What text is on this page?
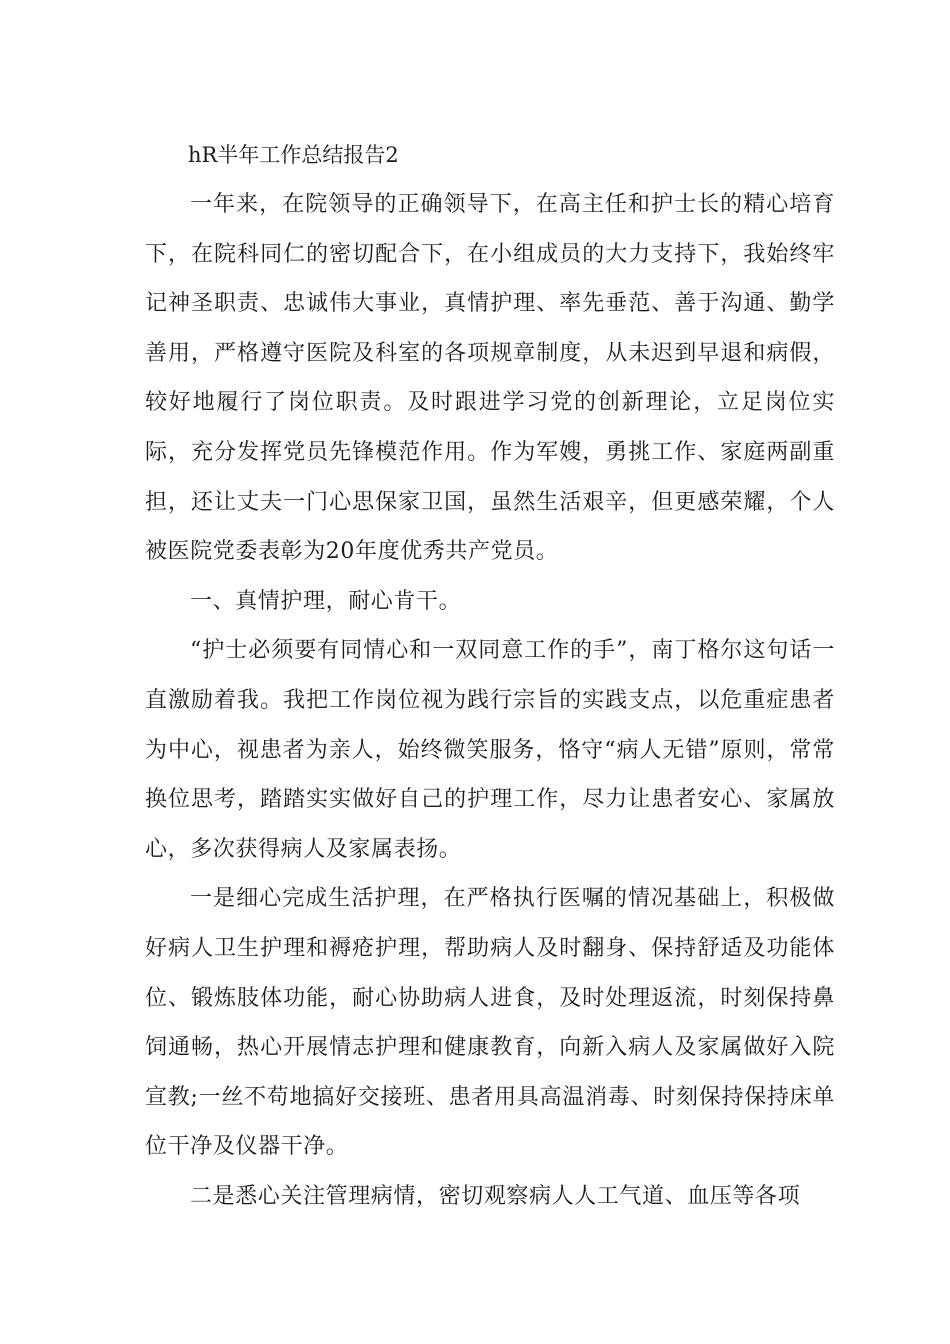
hR半年工作总结报告2

一年来，在院领导的正确领导下，在高主任和护士长的精心培育下，在院科同仁的密切配合下，在小组成员的大力支持下，我始终牢记神圣职责、忠诚伟大事业，真情护理、率先垂范、善于沟通、勤学善用，严格遵守医院及科室的各项规章制度，从未迟到早退和病假，较好地履行了岗位职责。及时跟进学习党的创新理论，立足岗位实际，充分发挥党员先锋模范作用。作为军嫂，勇挑工作、家庭两副重担，还让丈夫一门心思保家卫国，虽然生活艰辛，但更感荣耀，个人被医院党委表彰为20年度优秀共产党员。

一、真情护理，耐心肯干。

“护士必须要有同情心和一双同意工作的手”，南丁格尔这句话一直激励着我。我把工作岗位视为践行宗旨的实践支点，以危重症患者为中心，视患者为亲人，始终微笑服务，恪守“病人无错”原则，常常换位思考，踏踏实实做好自己的护理工作，尽力让患者安心、家属放心，多次获得病人及家属表扬。

一是细心完成生活护理，在严格执行医嘱的情况基础上，积极做好病人卫生护理和褥疮护理，帮助病人及时翻身、保持舒适及功能体位、锻炼肢体功能，耐心协助病人进食，及时处理返流，时刻保持鼻饲通畅，热心开展情志护理和健康教育，向新入病人及家属做好入院宣教;一丝不苟地搞好交接班、患者用具高温消毒、时刻保持保持床单位干净及仪器干净。

二是悉心关注管理病情，密切观察病人人工气道、血压等各项
